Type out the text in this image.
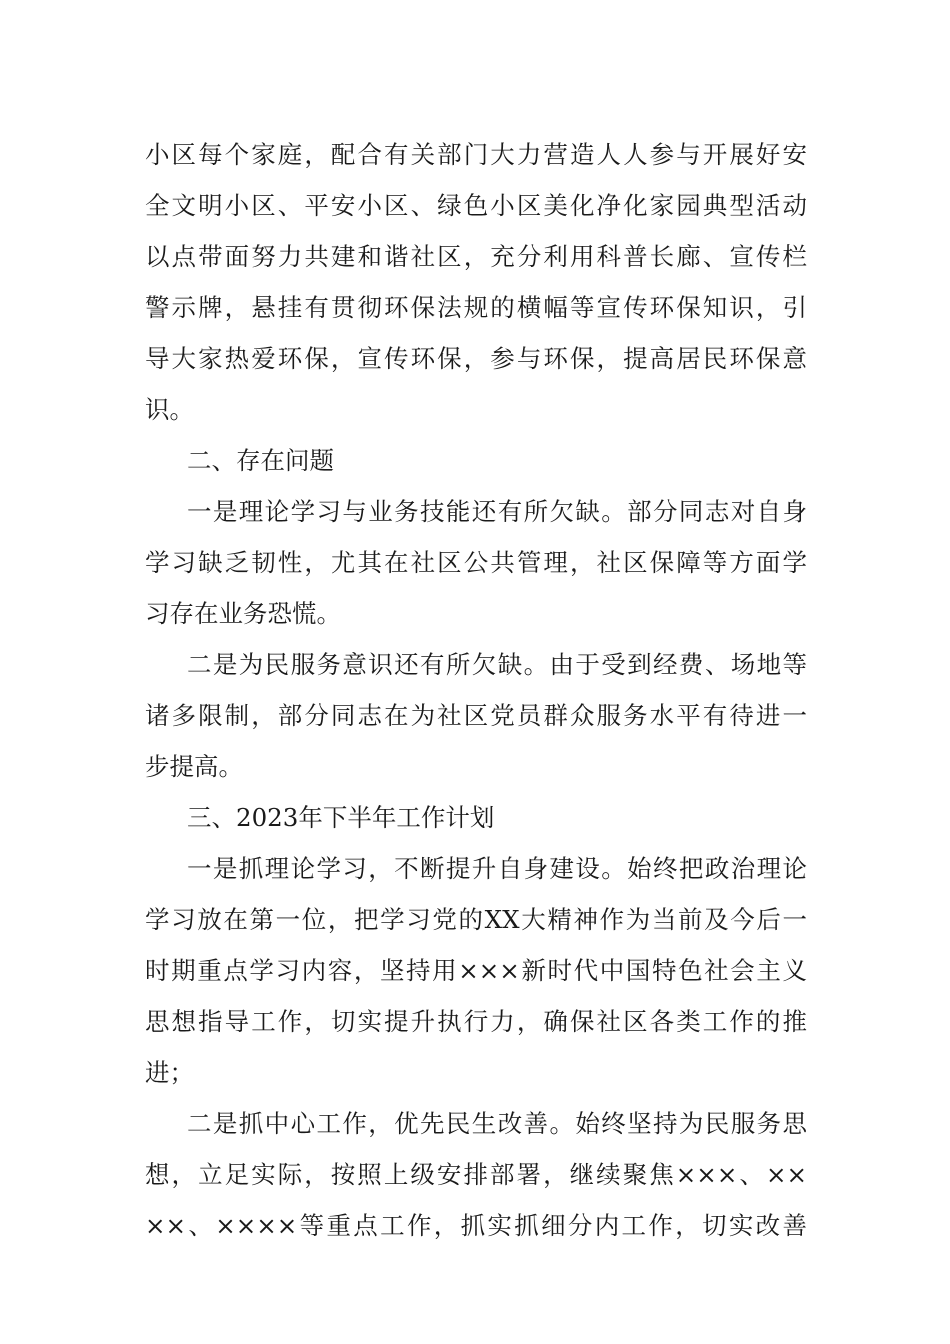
小区每个家庭，配合有关部门大力营造人人参与开展好安
全文明小区、平安小区、绿色小区美化净化家园典型活动
以点带面努力共建和谐社区，充分利用科普长廊、宣传栏
警示牌，悬挂有贯彻环保法规的横幅等宣传环保知识，引
导大家热爱环保，宣传环保，参与环保，提高居民环保意
识。
二、存在问题
一是理论学习与业务技能还有所欠缺。部分同志对自身
学习缺乏韧性，尤其在社区公共管理，社区保障等方面学
习存在业务恐慌。
二是为民服务意识还有所欠缺。由于受到经费、场地等
诸多限制，部分同志在为社区党员群众服务水平有待进一
步提高。
三、2023年下半年工作计划
一是抓理论学习，不断提升自身建设。始终把政治理论
学习放在第一位，把学习党的XX大精神作为当前及今后一
时期重点学习内容，坚持用×××新时代中国特色社会主义
思想指导工作，切实提升执行力，确保社区各类工作的推
进；
二是抓中心工作，优先民生改善。始终坚持为民服务思
想，立足实际，按照上级安排部署，继续聚焦×××、××
××、××××等重点工作，抓实抓细分内工作，切实改善
